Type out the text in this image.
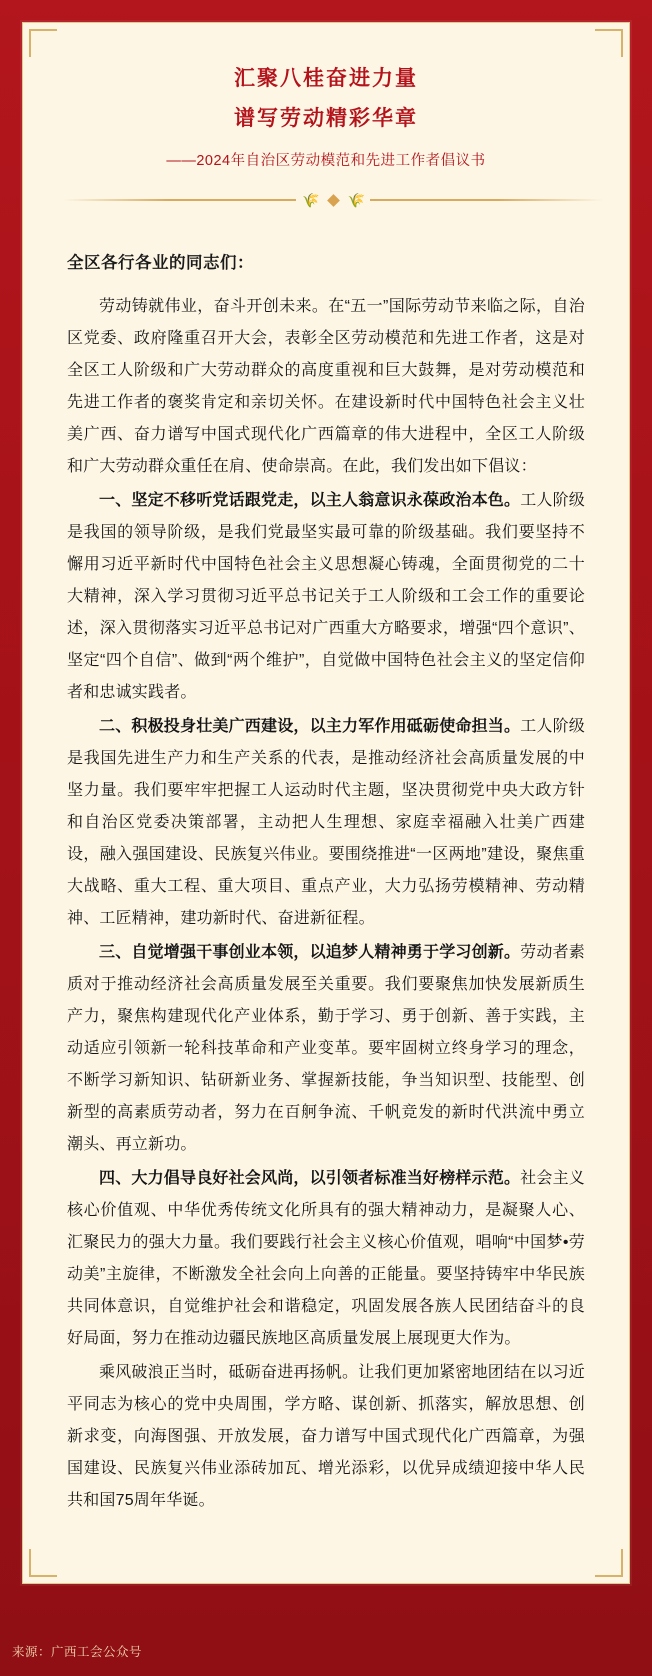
汇聚八桂奋进力量
谱写劳动精彩华章
——2024年自治区劳动模范和先进工作者倡议书
🌾 🌾
全区各行各业的同志们：

劳动铸就伟业，奋斗开创未来。在“五一”国际劳动节来临之际，自治区党委、政府隆重召开大会，表彰全区劳动模范和先进工作者，这是对全区工人阶级和广大劳动群众的高度重视和巨大鼓舞，是对劳动模范和先进工作者的褒奖肯定和亲切关怀。在建设新时代中国特色社会主义壮美广西、奋力谱写中国式现代化广西篇章的伟大进程中，全区工人阶级和广大劳动群众重任在肩、使命崇高。在此，我们发出如下倡议：

一、坚定不移听党话跟党走，以主人翁意识永葆政治本色。工人阶级是我国的领导阶级，是我们党最坚实最可靠的阶级基础。我们要坚持不懈用习近平新时代中国特色社会主义思想凝心铸魂，全面贯彻党的二十大精神，深入学习贯彻习近平总书记关于工人阶级和工会工作的重要论述，深入贯彻落实习近平总书记对广西重大方略要求，增强“四个意识”、坚定“四个自信”、做到“两个维护”，自觉做中国特色社会主义的坚定信仰者和忠诚实践者。

二、积极投身壮美广西建设，以主力军作用砥砺使命担当。工人阶级是我国先进生产力和生产关系的代表，是推动经济社会高质量发展的中坚力量。我们要牢牢把握工人运动时代主题，坚决贯彻党中央大政方针和自治区党委决策部署，主动把人生理想、家庭幸福融入壮美广西建设，融入强国建设、民族复兴伟业。要围绕推进“一区两地”建设，聚焦重大战略、重大工程、重大项目、重点产业，大力弘扬劳模精神、劳动精神、工匠精神，建功新时代、奋进新征程。

三、自觉增强干事创业本领，以追梦人精神勇于学习创新。劳动者素质对于推动经济社会高质量发展至关重要。我们要聚焦加快发展新质生产力，聚焦构建现代化产业体系，勤于学习、勇于创新、善于实践，主动适应引领新一轮科技革命和产业变革。要牢固树立终身学习的理念，不断学习新知识、钻研新业务、掌握新技能，争当知识型、技能型、创新型的高素质劳动者，努力在百舸争流、千帆竞发的新时代洪流中勇立潮头、再立新功。

四、大力倡导良好社会风尚，以引领者标准当好榜样示范。社会主义核心价值观、中华优秀传统文化所具有的强大精神动力，是凝聚人心、汇聚民力的强大力量。我们要践行社会主义核心价值观，唱响“中国梦•劳动美”主旋律，不断激发全社会向上向善的正能量。要坚持铸牢中华民族共同体意识，自觉维护社会和谐稳定，巩固发展各族人民团结奋斗的良好局面，努力在推动边疆民族地区高质量发展上展现更大作为。

乘风破浪正当时，砥砺奋进再扬帆。让我们更加紧密地团结在以习近平同志为核心的党中央周围，学方略、谋创新、抓落实，解放思想、创新求变，向海图强、开放发展，奋力谱写中国式现代化广西篇章，为强国建设、民族复兴伟业添砖加瓦、增光添彩，以优异成绩迎接中华人民共和国75周年华诞。

来源：广西工会公众号
